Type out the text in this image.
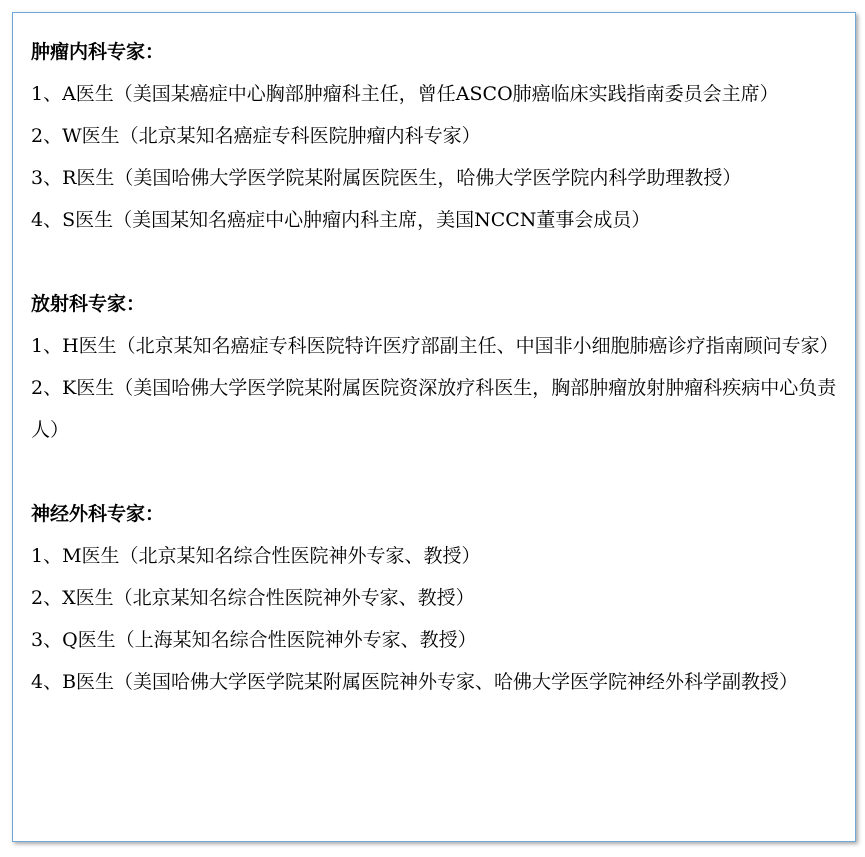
肿瘤内科专家：

1、A医生（美国某癌症中心胸部肿瘤科主任，曾任ASCO肺癌临床实践指南委员会主席）

2、W医生（北京某知名癌症专科医院肿瘤内科专家）

3、R医生（美国哈佛大学医学院某附属医院医生，哈佛大学医学院内科学助理教授）

4、S医生（美国某知名癌症中心肿瘤内科主席，美国NCCN董事会成员）

放射科专家：

1、H医生（北京某知名癌症专科医院特许医疗部副主任、中国非小细胞肺癌诊疗指南顾问专家）

2、K医生（美国哈佛大学医学院某附属医院资深放疗科医生，胸部肿瘤放射肿瘤科疾病中心负责人）

神经外科专家：

1、M医生（北京某知名综合性医院神外专家、教授）

2、X医生（北京某知名综合性医院神外专家、教授）

3、Q医生（上海某知名综合性医院神外专家、教授）

4、B医生（美国哈佛大学医学院某附属医院神外专家、哈佛大学医学院神经外科学副教授）
